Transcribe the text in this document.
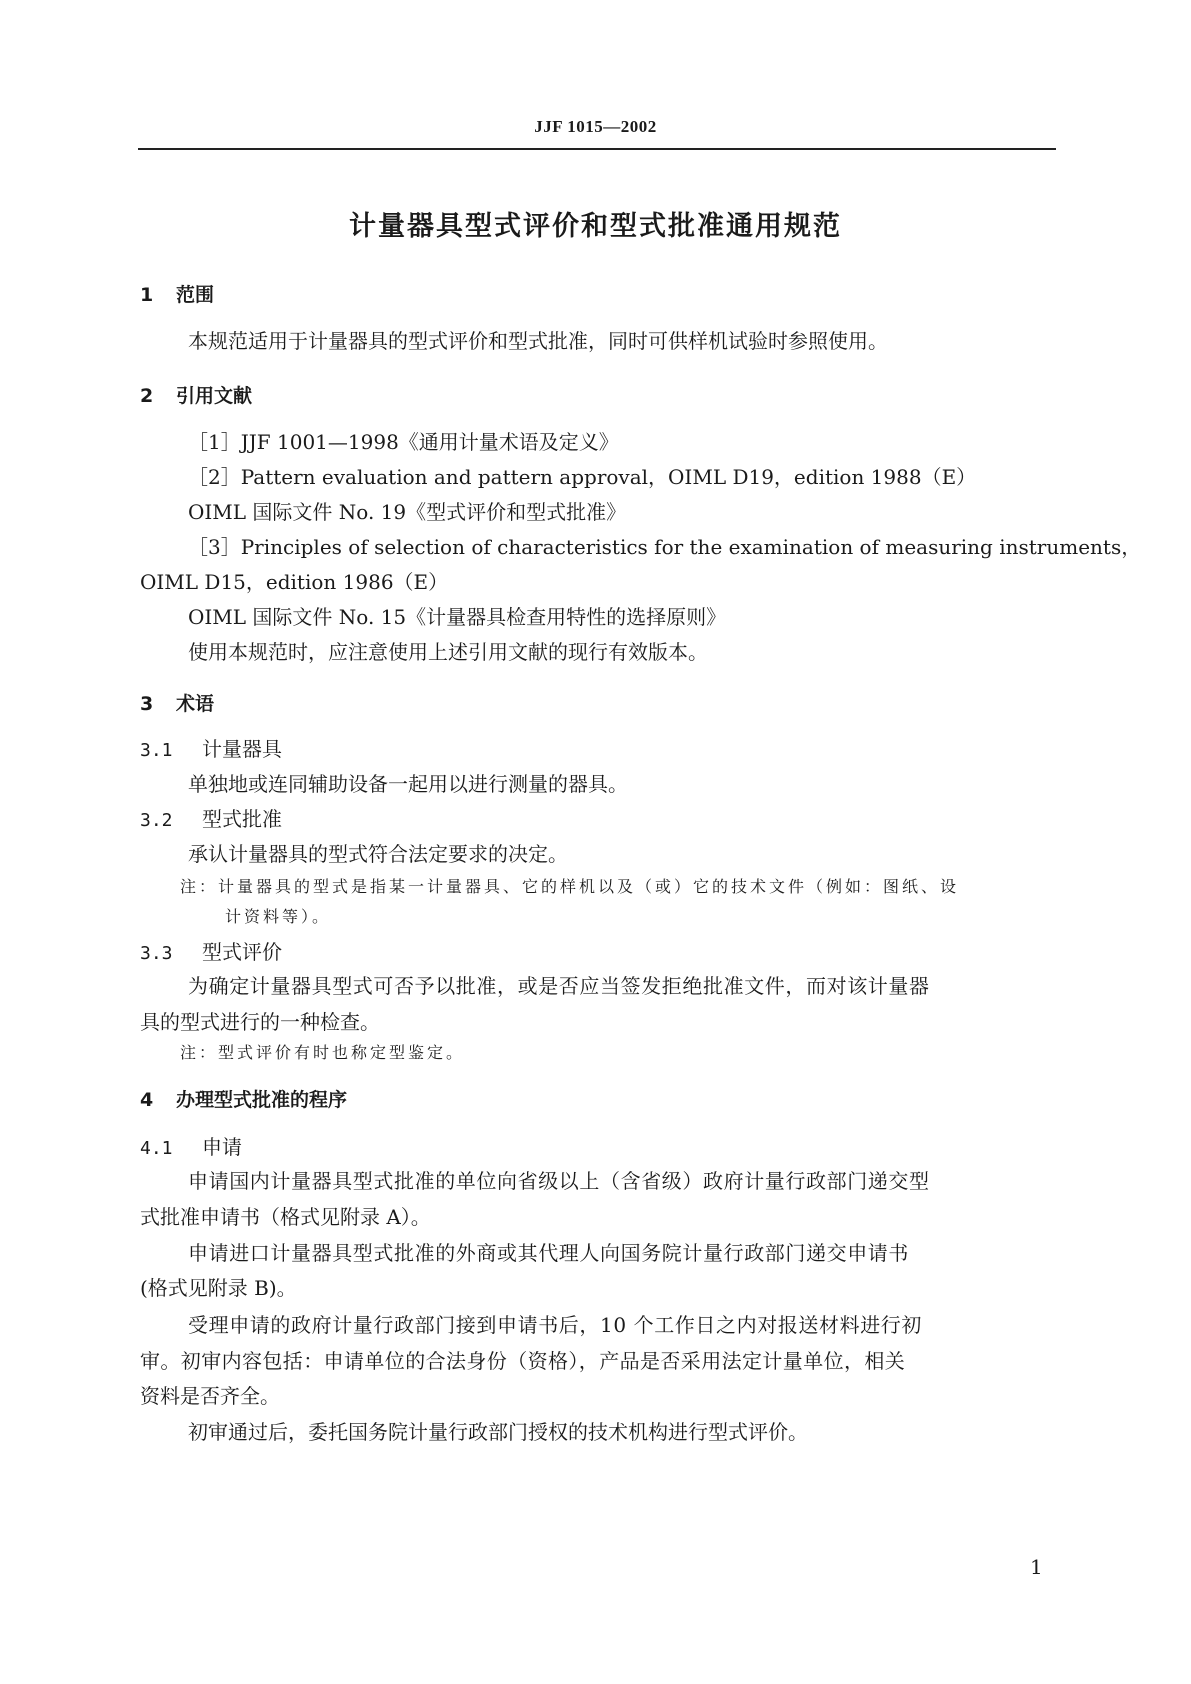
JJF 1015—2002
计量器具型式评价和型式批准通用规范
1 范围
本规范适用于计量器具的型式评价和型式批准，同时可供样机试验时参照使用。
2 引用文献
［1］JJF 1001—1998《通用计量术语及定义》
［2］Pattern evaluation and pattern approval，OIML D19，edition 1988（E）
OIML 国际文件 No. 19《型式评价和型式批准》
［3］Principles of selection of characteristics for the examination of measuring instruments，
OIML D15，edition 1986（E）
OIML 国际文件 No. 15《计量器具检查用特性的选择原则》
使用本规范时，应注意使用上述引用文献的现行有效版本。
3 术语
3.1 计量器具
单独地或连同辅助设备一起用以进行测量的器具。
3.2 型式批准
承认计量器具的型式符合法定要求的决定。
注：计量器具的型式是指某一计量器具、它的样机以及（或）它的技术文件（例如：图纸、设
计资料等）。
3.3 型式评价
为确定计量器具型式可否予以批准，或是否应当签发拒绝批准文件，而对该计量器
具的型式进行的一种检查。
注：型式评价有时也称定型鉴定。
4 办理型式批准的程序
4.1 申请
申请国内计量器具型式批准的单位向省级以上（含省级）政府计量行政部门递交型
式批准申请书（格式见附录 A）。
申请进口计量器具型式批准的外商或其代理人向国务院计量行政部门递交申请书
(格式见附录 B)。
受理申请的政府计量行政部门接到申请书后，10 个工作日之内对报送材料进行初
审。初审内容包括：申请单位的合法身份（资格），产品是否采用法定计量单位，相关
资料是否齐全。
初审通过后，委托国务院计量行政部门授权的技术机构进行型式评价。
1
